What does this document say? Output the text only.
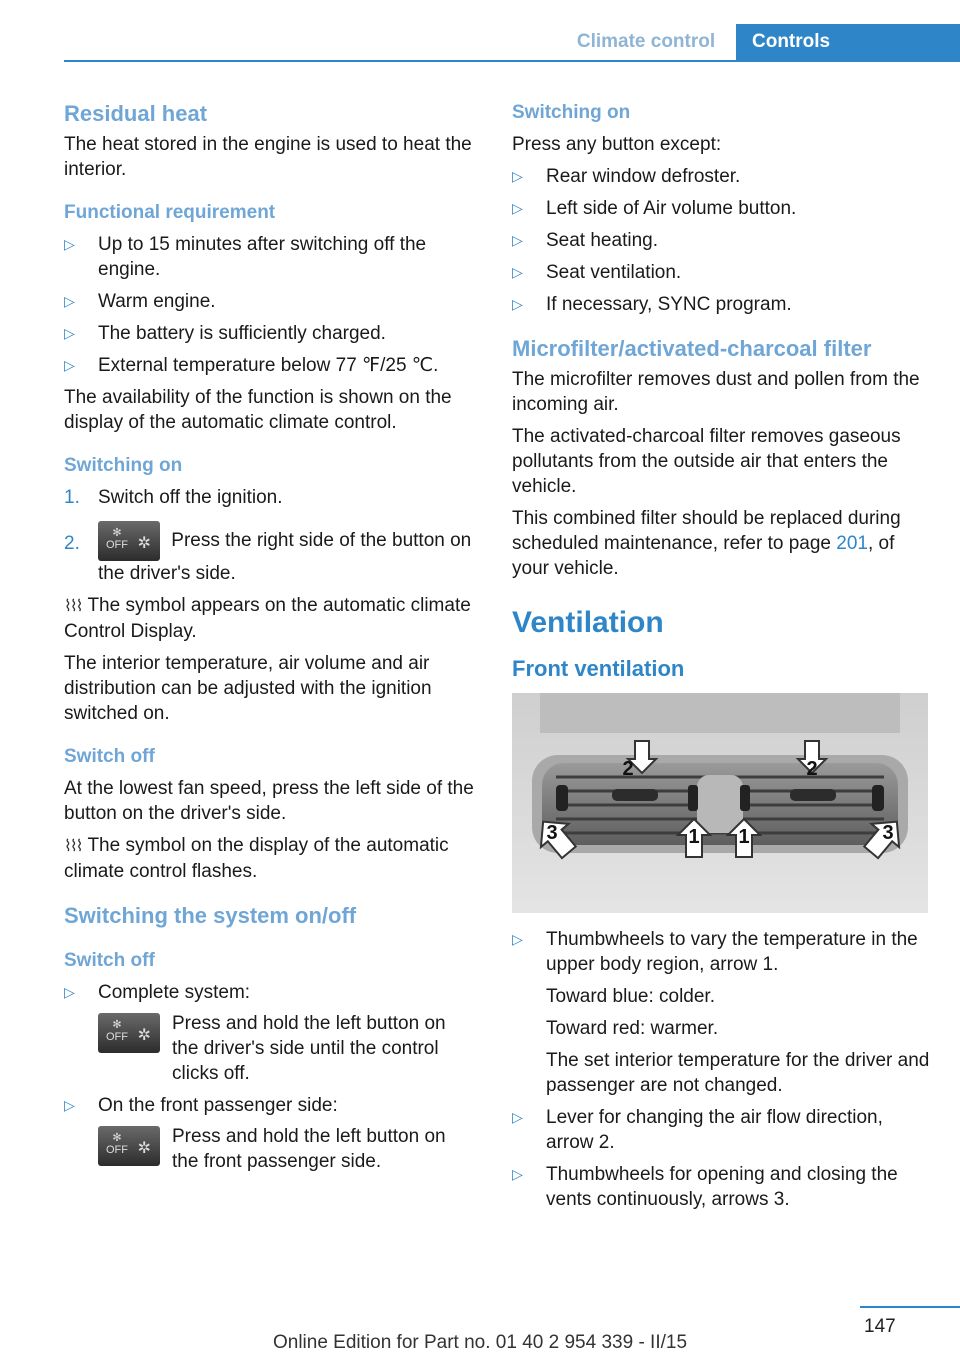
Climate control	Controls
Residual heat

The heat stored in the engine is used to heat the interior.

Functional requirement
▷ Up to 15 minutes after switching off the engine.
▷ Warm engine.
▷ The battery is sufficiently charged.
▷ External temperature below 77 ℉/25 ℃.

The availability of the function is shown on the display of the automatic climate control.

Switching on
1. Switch off the ignition.
2.	✻
OFF ✲ Press the right side of the button on the driver's side.

⌇⌇⌇ The symbol appears on the automatic climate Control Display.

The interior temperature, air volume and air distribution can be adjusted with the ignition switched on.

Switch off

At the lowest fan speed, press the left side of the button on the driver's side.

⌇⌇⌇ The symbol on the display of the automatic climate control flashes.

Switching the system on/off
Switch off
▷ Complete system:
✻
OFF ✲
Press and hold the left button on the driver's side until the control clicks off.
▷ On the front passenger side:
✻
OFF ✲
Press and hold the left button on the front passenger side.
Switching on

Press any button except:

▷ Rear window defroster.
▷ Left side of Air volume button.
▷ Seat heating.
▷ Seat ventilation.
▷ If necessary, SYNC program.
Microfilter/activated-charcoal filter

The microfilter removes dust and pollen from the incoming air.

The activated-charcoal filter removes gaseous pollutants from the outside air that enters the vehicle.

This combined filter should be replaced during scheduled maintenance, refer to page 201, of your vehicle.

Ventilation
Front ventilation
2	2
3	1 1	3
▷ Thumbwheels to vary the temperature in the upper body region, arrow 1.
Toward blue: colder.
Toward red: warmer.
The set interior temperature for the driver and passenger are not changed.
▷ Lever for changing the air flow direction, arrow 2.
▷ Thumbwheels for opening and closing the vents continuously, arrows 3.
147
Online Edition for Part no. 01 40 2 954 339 - II/15
